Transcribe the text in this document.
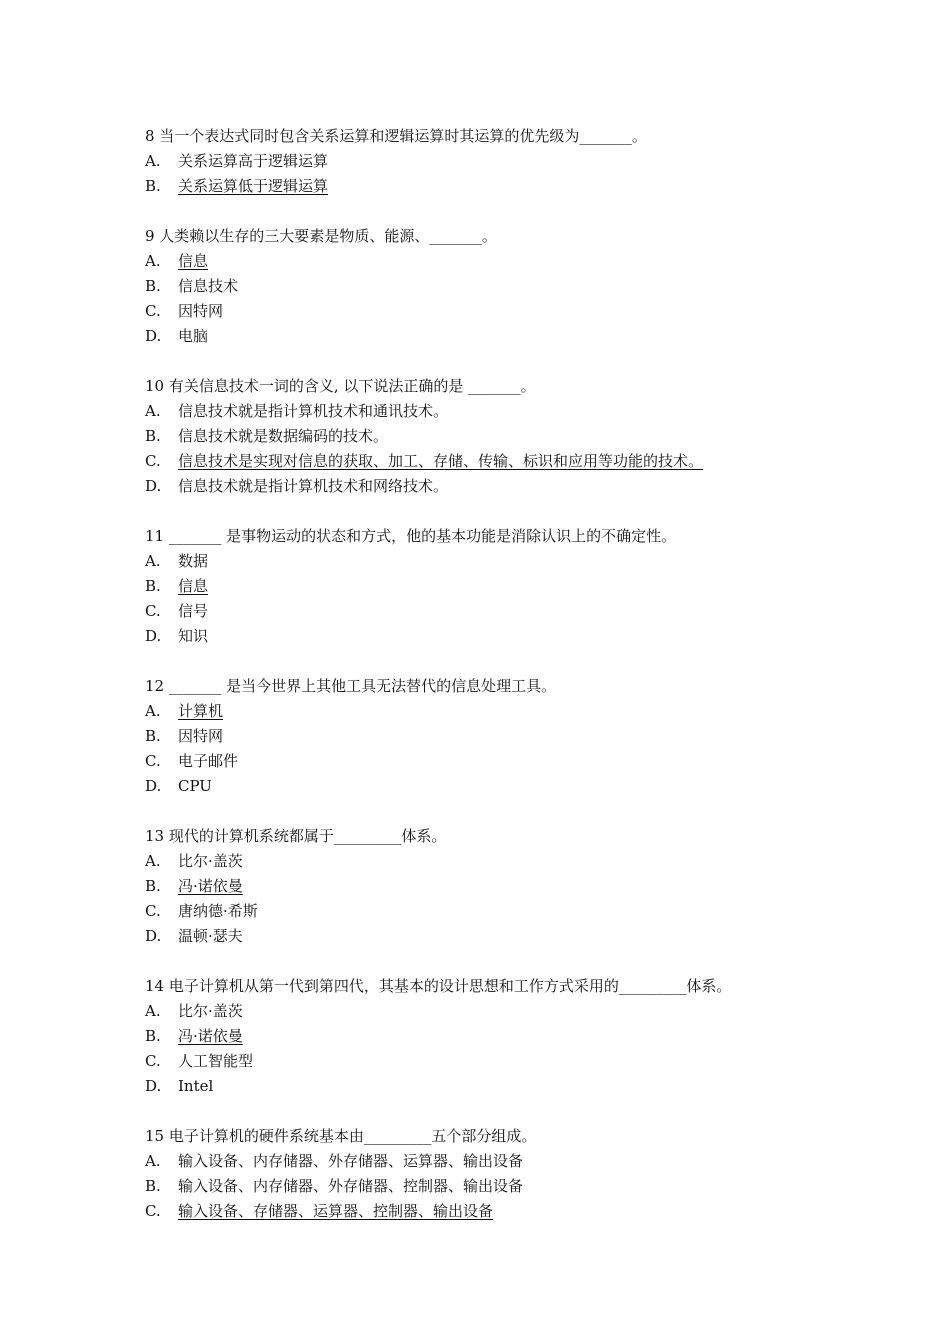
8 当一个表达式同时包含关系运算和逻辑运算时其运算的优先级为_______。
A.	关系运算高于逻辑运算
B.	关系运算低于逻辑运算
9 人类赖以生存的三大要素是物质、能源、_______。
A.	信息
B.	信息技术
C.	因特网
D.	电脑
10 有关信息技术一词的含义, 以下说法正确的是 _______。
A.	信息技术就是指计算机技术和通讯技术。
B.	信息技术就是数据编码的技术。
C.	信息技术是实现对信息的获取、加工、存储、传输、标识和应用等功能的技术。
D.	信息技术就是指计算机技术和网络技术。
11 _______ 是事物运动的状态和方式，他的基本功能是消除认识上的不确定性。
A.	数据
B.	信息
C.	信号
D.	知识
12 _______ 是当今世界上其他工具无法替代的信息处理工具。
A.	计算机
B.	因特网
C.	电子邮件
D.	CPU
13 现代的计算机系统都属于_________体系。
A.	比尔·盖茨
B.	冯·诺依曼
C.	唐纳德·希斯
D.	温顿·瑟夫
14 电子计算机从第一代到第四代，其基本的设计思想和工作方式采用的_________体系。
A.	比尔·盖茨
B.	冯·诺依曼
C.	人工智能型
D.	Intel
15 电子计算机的硬件系统基本由_________五个部分组成。
A.	输入设备、内存储器、外存储器、运算器、输出设备
B.	输入设备、内存储器、外存储器、控制器、输出设备
C.	输入设备、存储器、运算器、控制器、输出设备
